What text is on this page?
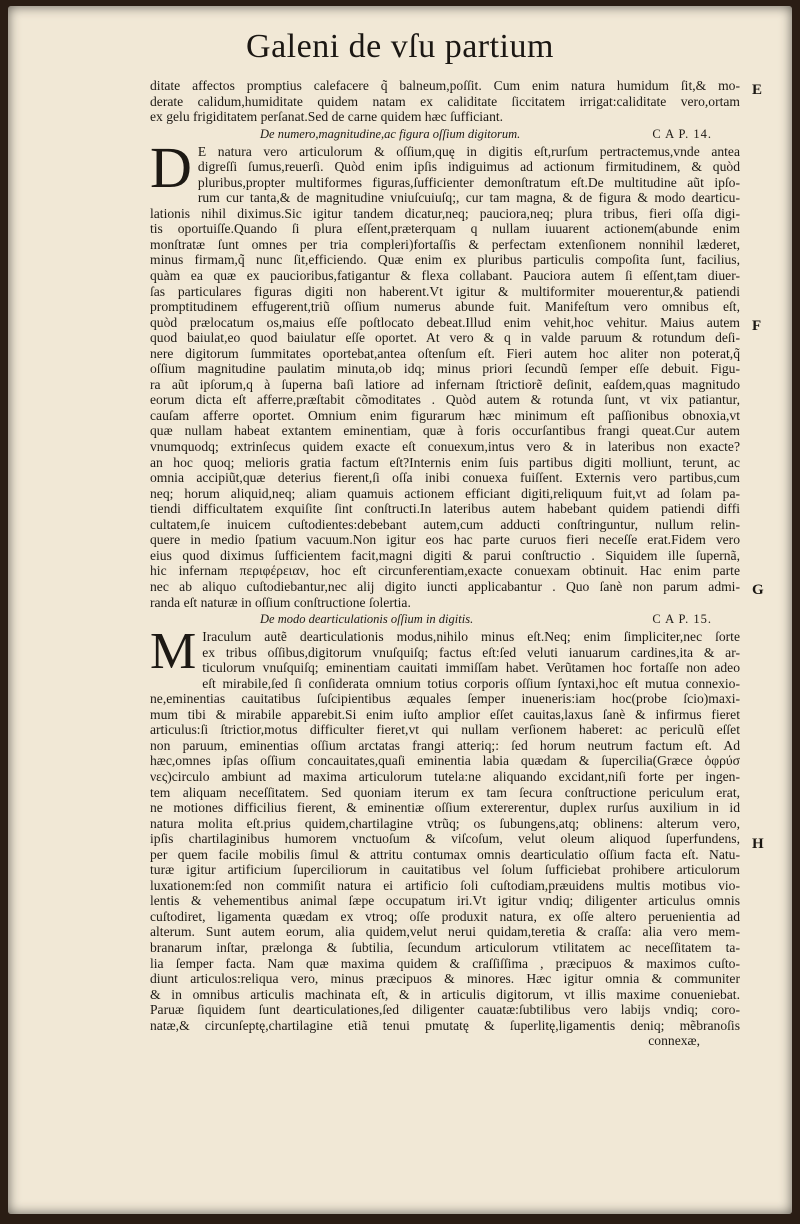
Galeni de vſu partium
E
F
G
H
ditate affectos promptius calefacere q̃ balneum,poſſit. Cum enim natura humidum ſit,& mo-
derate calidum,humiditate quidem natam ex caliditate ſiccitatem irrigat:caliditate vero,ortam
ex gelu frigiditatem perſanat.Sed de carne quidem hæc ſufficiant.
De numero,magnitudine,ac figura oſſium digitorum.	C A P. 14.
D E natura vero articulorum & oſſium,quę in digitis eſt,rurſum pertractemus,vnde antea
digreſſi ſumus,reuerſi. Quòd enim ipſis indiguimus ad actionum firmitudinem, & quòd
pluribus,propter multiformes figuras,ſufficienter demonſtratum eſt.De multitudine aũt ipſo-
rum cur tanta,& de magnitudine vniuſcuiuſq;, cur tam magna, & de figura & modo dearticu-
lationis nihil diximus.Sic igitur tandem dicatur,neq; pauciora,neq; plura tribus, fieri oſſa digi-
tis oportuiſſe.Quando ſi plura eſſent,præterquam q nullam iuuarent actionem(abunde enim
monſtratæ ſunt omnes per tria compleri)fortaſſis & perfectam extenſionem nonnihil læderet,
minus firmam,q̃ nunc ſit,efficiendo. Quæ enim ex pluribus particulis compoſita ſunt, facilius,
quàm ea quæ ex paucioribus,fatigantur & flexa collabant. Pauciora autem ſi eſſent,tam diuer-
ſas particulares figuras digiti non haberent.Vt igitur & multiformiter mouerentur,& patiendi
promptitudinem effugerent,triũ oſſium numerus abunde fuit. Manifeſtum vero omnibus eſt,
quòd prælocatum os,maius eſſe poſtlocato debeat.Illud enim vehit,hoc vehitur. Maius autem
quod baiulat,eo quod baiulatur eſſe oportet. At vero & q in valde paruum & rotundum deſi-
nere digitorum ſummitates oportebat,antea oſtenſum eſt. Fieri autem hoc aliter non poterat,q̃
oſſium magnitudine paulatim minuta,ob idq; minus priori ſecundũ ſemper eſſe debuit. Figu-
ra aũt ipſorum,q à ſuperna baſi latiore ad infernam ſtrictiorẽ deſinit, eaſdem,quas magnitudo
eorum dicta eſt afferre,præſtabit cõmoditates . Quòd autem & rotunda ſunt, vt vix patiantur,
cauſam afferre oportet. Omnium enim figurarum hæc minimum eſt paſſionibus obnoxia,vt
quæ nullam habeat extantem eminentiam, quæ à foris occurſantibus frangi queat.Cur autem
vnumquodq; extrinſecus quidem exacte eſt conuexum,intus vero & in lateribus non exacte?
an hoc quoq; melioris gratia factum eſt?Internis enim ſuis partibus digiti molliunt, terunt, ac
omnia accipiũt,quæ deterius fierent,ſi oſſa inibi conuexa fuiſſent. Externis vero partibus,cum
neq; horum aliquid,neq; aliam quamuis actionem efficiant digiti,reliquum fuit,vt ad ſolam pa-
tiendi difficultatem exquiſite ſint conſtructi.In lateribus autem habebant quidem patiendi diffi
cultatem,ſe inuicem cuſtodientes:debebant autem,cum adducti conſtringuntur, nullum relin-
quere in medio ſpatium vacuum.Non igitur eos hac parte curuos fieri neceſſe erat.Fidem vero
eius quod diximus ſufficientem facit,magni digiti & parui conſtructio . Siquidem ille ſupernã,
hic infernam περιφέρειαν, hoc eſt circunferentiam,exacte conuexam obtinuit. Hac enim parte
nec ab aliquo cuſtodiebantur,nec alij digito iuncti applicabantur . Quo ſanè non parum admi-
randa eſt naturæ in oſſium conſtructione ſolertia.
De modo dearticulationis oſſium in digitis.	C A P. 15.
M Iraculum autẽ dearticulationis modus,nihilo minus eſt.Neq; enim ſimpliciter,nec ſorte
ex tribus oſſibus,digitorum vnuſquiſq; factus eſt:ſed veluti ianuarum cardines,ita & ar-
ticulorum vnuſquiſq; eminentiam cauitati immiſſam habet. Verũtamen hoc fortaſſe non adeo
eſt mirabile,ſed ſi conſiderata omnium totius corporis oſſium ſyntaxi,hoc eſt mutua connexio-
ne,eminentias cauitatibus ſuſcipientibus æquales ſemper inueneris:iam hoc(probe ſcio)maxi-
mum tibi & mirabile apparebit.Si enim iuſto amplior eſſet cauitas,laxus ſanè & infirmus fieret
articulus:ſi ſtrictior,motus difficulter fieret,vt qui nullam verſionem haberet: ac periculũ eſſet
non paruum, eminentias oſſium arctatas frangi atteriq;: ſed horum neutrum factum eſt. Ad
hæc,omnes ipſas oſſium concauitates,quaſi eminentia labia quædam & ſupercilia(Græce ὀφρύσ
νες)circulo ambiunt ad maxima articulorum tutela:ne aliquando excidant,niſi forte per ingen-
tem aliquam neceſſitatem. Sed quoniam iterum ex tam ſecura conſtructione periculum erat,
ne motiones difficilius fierent, & eminentiæ oſſium extererentur, duplex rurſus auxilium in id
natura molita eſt.prius quidem,chartilagine vtrũq; os ſubungens,atq; oblinens: alterum vero,
ipſis chartilaginibus humorem vnctuoſum & viſcoſum, velut oleum aliquod ſuperfundens,
per quem facile mobilis ſimul & attritu contumax omnis dearticulatio oſſium facta eſt. Natu-
turæ igitur artificium ſuperciliorum in cauitatibus vel ſolum ſufficiebat prohibere articulorum
luxationem:ſed non commiſit natura ei artificio ſoli cuſtodiam,præuidens multis motibus vio-
lentis & vehementibus animal ſæpe occupatum iri.Vt igitur vndiq; diligenter articulus omnis
cuſtodiret, ligamenta quædam ex vtroq; oſſe produxit natura, ex oſſe altero peruenientia ad
alterum. Sunt autem eorum, alia quidem,velut nerui quidam,teretia & craſſa: alia vero mem-
branarum inſtar, prælonga & ſubtilia, ſecundum articulorum vtilitatem ac neceſſitatem ta-
lia ſemper facta. Nam quæ maxima quidem & craſſiſſima , præcipuos & maximos cuſto-
diunt articulos:reliqua vero, minus præcipuos & minores. Hæc igitur omnia & communiter
& in omnibus articulis machinata eſt, & in articulis digitorum, vt illis maxime conueniebat.
Paruæ ſiquidem ſunt dearticulationes,ſed diligenter cauatæ:ſubtilibus vero labijs vndiq; coro-
natæ,& circunſeptę,chartilagine etiã tenui pmutatę & ſuperlitę,ligamentis deniq; mẽbranoſis
connexæ,
